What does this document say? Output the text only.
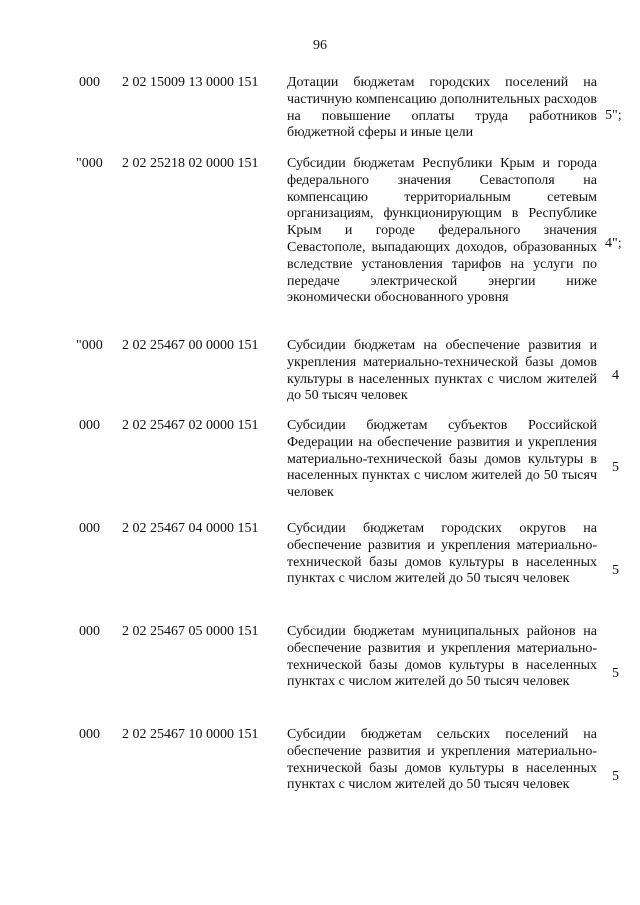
96
000 2 02 15009 13 0000 151 Дотации бюджетам городских поселений на частичную компенсацию дополнительных расходов на повышение оплаты труда работников бюджетной сферы и иные цели
5";
"000 2 02 25218 02 0000 151 Субсидии бюджетам Республики Крым и города федерального значения Севастополя на компенсацию территориальным сетевым организациям, функционирующим в Республике Крым и городе федерального значения Севастополе, выпадающих доходов, образованных вследствие установления тарифов на услуги по передаче электрической энергии ниже экономически обоснованного уровня
4";
"000 2 02 25467 00 0000 151 Субсидии бюджетам на обеспечение развития и укрепления материально-технической базы домов культуры в населенных пунктах с числом жителей до 50 тысяч человек
4
000 2 02 25467 02 0000 151 Субсидии бюджетам субъектов Российской Федерации на обеспечение развития и укрепления материально-технической базы домов культуры в населенных пунктах с числом жителей до 50 тысяч человек
5
000 2 02 25467 04 0000 151 Субсидии бюджетам городских округов на обеспечение развития и укрепления материально-технической базы домов культуры в населенных пунктах с числом жителей до 50 тысяч человек
5
000 2 02 25467 05 0000 151 Субсидии бюджетам муниципальных районов на обеспечение развития и укрепления материально-технической базы домов культуры в населенных пунктах с числом жителей до 50 тысяч человек
5
000 2 02 25467 10 0000 151 Субсидии бюджетам сельских поселений на обеспечение развития и укрепления материально-технической базы домов культуры в населенных пунктах с числом жителей до 50 тысяч человек
5
